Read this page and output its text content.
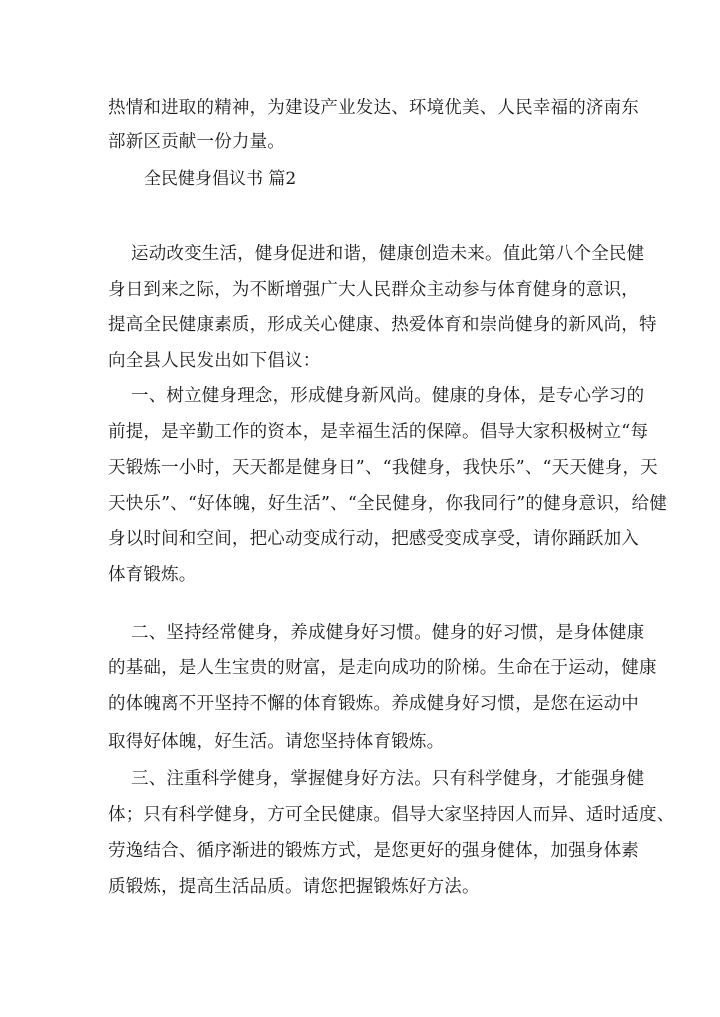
热情和进取的精神，为建设产业发达、环境优美、人民幸福的济南东
部新区贡献一份力量。
全民健身倡议书 篇2
运动改变生活，健身促进和谐，健康创造未来。值此第八个全民健
身日到来之际，为不断增强广大人民群众主动参与体育健身的意识，
提高全民健康素质，形成关心健康、热爱体育和崇尚健身的新风尚，特
向全县人民发出如下倡议：
一、树立健身理念，形成健身新风尚。健康的身体，是专心学习的
前提，是辛勤工作的资本，是幸福生活的保障。倡导大家积极树立“每
天锻炼一小时，天天都是健身日”、“我健身，我快乐”、“天天健身，天
天快乐”、“好体魄，好生活”、“全民健身，你我同行”的健身意识，给健
身以时间和空间，把心动变成行动，把感受变成享受，请你踊跃加入
体育锻炼。
二、坚持经常健身，养成健身好习惯。健身的好习惯，是身体健康
的基础，是人生宝贵的财富，是走向成功的阶梯。生命在于运动，健康
的体魄离不开坚持不懈的体育锻炼。养成健身好习惯，是您在运动中
取得好体魄，好生活。请您坚持体育锻炼。
三、注重科学健身，掌握健身好方法。只有科学健身，才能强身健
体；只有科学健身，方可全民健康。倡导大家坚持因人而异、适时适度、
劳逸结合、循序渐进的锻炼方式，是您更好的强身健体，加强身体素
质锻炼，提高生活品质。请您把握锻炼好方法。
